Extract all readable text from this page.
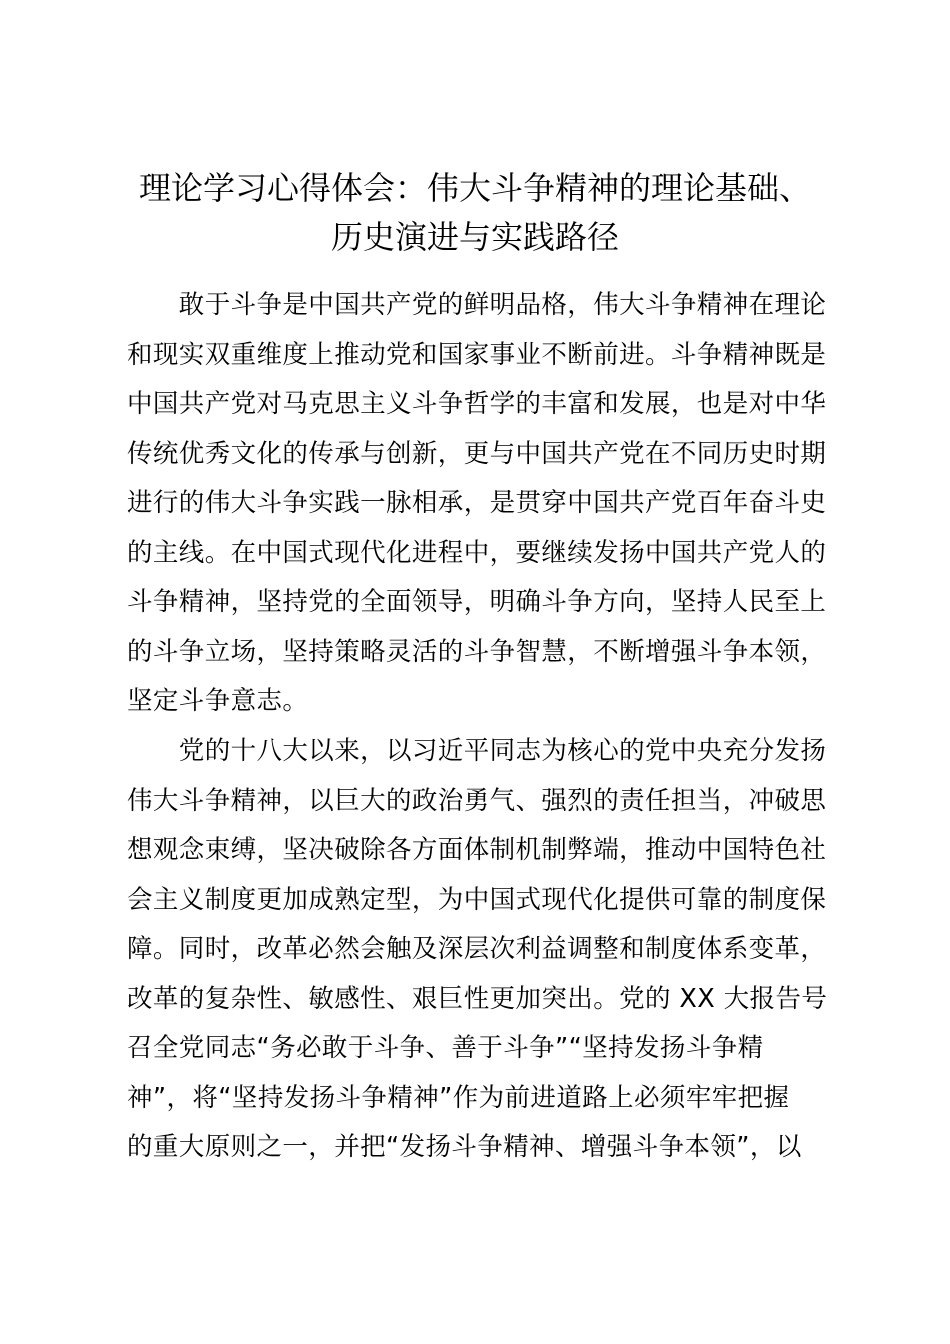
理论学习心得体会：伟大斗争精神的理论基础、
历史演进与实践路径
　　敢于斗争是中国共产党的鲜明品格，伟大斗争精神在理论
和现实双重维度上推动党和国家事业不断前进。斗争精神既是
中国共产党对马克思主义斗争哲学的丰富和发展，也是对中华
传统优秀文化的传承与创新，更与中国共产党在不同历史时期
进行的伟大斗争实践一脉相承，是贯穿中国共产党百年奋斗史
的主线。在中国式现代化进程中，要继续发扬中国共产党人的
斗争精神，坚持党的全面领导，明确斗争方向，坚持人民至上
的斗争立场，坚持策略灵活的斗争智慧，不断增强斗争本领，
坚定斗争意志。
　　党的十八大以来，以习近平同志为核心的党中央充分发扬
伟大斗争精神，以巨大的政治勇气、强烈的责任担当，冲破思
想观念束缚，坚决破除各方面体制机制弊端，推动中国特色社
会主义制度更加成熟定型，为中国式现代化提供可靠的制度保
障。同时，改革必然会触及深层次利益调整和制度体系变革，
改革的复杂性、敏感性、艰巨性更加突出。党的 XX 大报告号
召全党同志“务必敢于斗争、善于斗争”“坚持发扬斗争精
神”，将“坚持发扬斗争精神”作为前进道路上必须牢牢把握
的重大原则之一，并把“发扬斗争精神、增强斗争本领”，以
